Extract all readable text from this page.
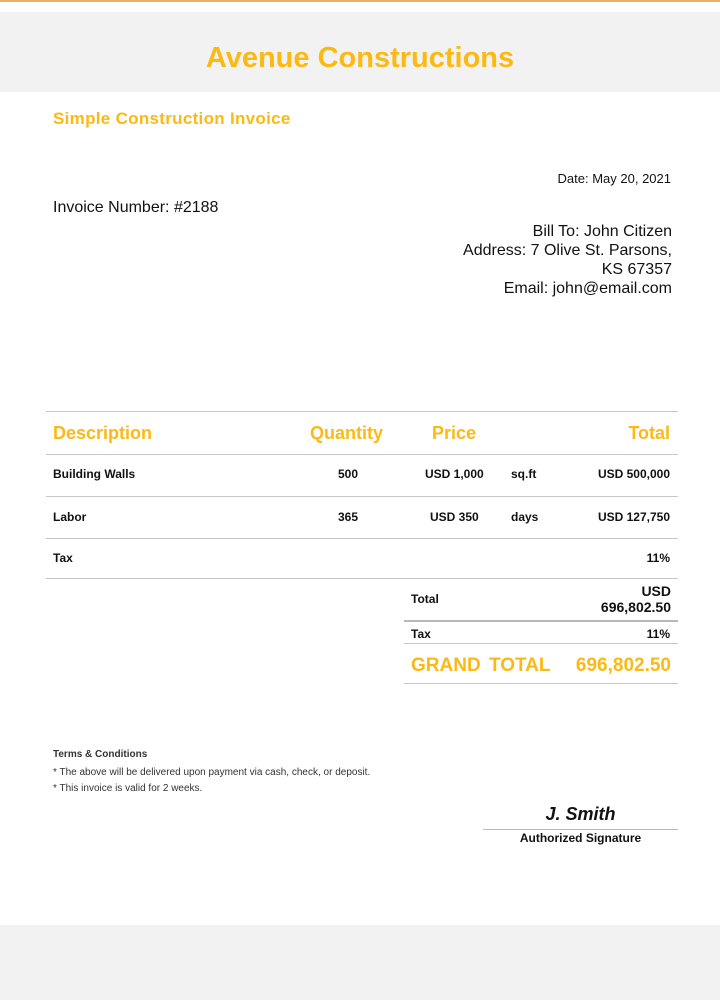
Avenue Constructions
Simple Construction Invoice
Date: May 20, 2021
Invoice Number: #2188
Bill To: John Citizen
Address: 7 Olive St. Parsons,
KS 67357
Email: john@email.com
Description	Quantity	Price	Total
Building Walls	500	USD 1,000 sq.ft	USD 500,000
Labor	365	USD 350	days	USD 127,750
Tax	11%
Total	USD
696,802.50
Tax	11%
GRAND TOTAL 696,802.50
Terms & Conditions
* The above will be delivered upon payment via cash, check, or deposit.
* This invoice is valid for 2 weeks.
J. Smith
Authorized Signature
